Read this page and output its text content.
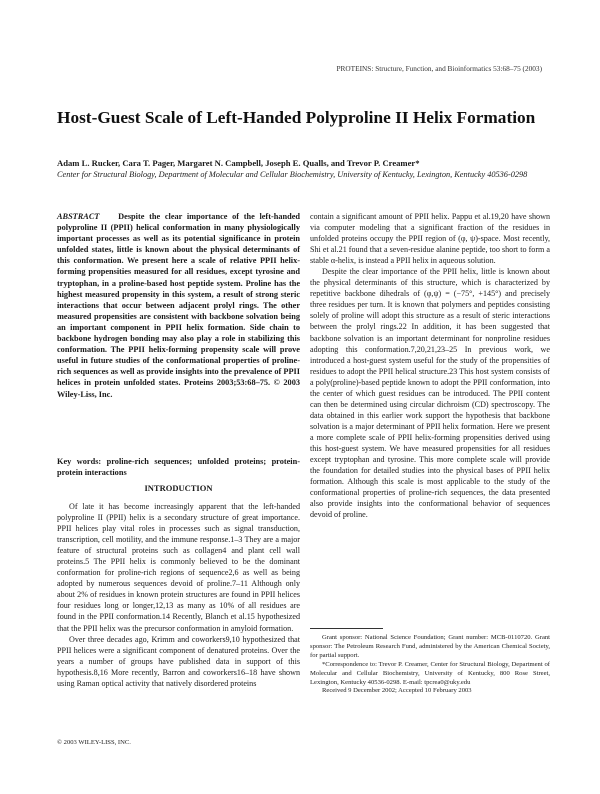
PROTEINS: Structure, Function, and Bioinformatics 53:68–75 (2003)
Host-Guest Scale of Left-Handed Polyproline II Helix Formation
Adam L. Rucker, Cara T. Pager, Margaret N. Campbell, Joseph E. Qualls, and Trevor P. Creamer*
Center for Structural Biology, Department of Molecular and Cellular Biochemistry, University of Kentucky, Lexington, Kentucky 40536-0298
ABSTRACT Despite the clear importance of the left-handed polyproline II (PPII) helical conformation in many physiologically important processes as well as its potential significance in protein unfolded states, little is known about the physical determinants of this conformation. We present here a scale of relative PPII helix-forming propensities measured for all residues, except tyrosine and tryptophan, in a proline-based host peptide system. Proline has the highest measured propensity in this system, a result of strong steric interactions that occur between adjacent prolyl rings. The other measured propensities are consistent with backbone solvation being an important component in PPII helix formation. Side chain to backbone hydrogen bonding may also play a role in stabilizing this conformation. The PPII helix-forming propensity scale will prove useful in future studies of the conformational properties of proline-rich sequences as well as provide insights into the prevalence of PPII helices in protein unfolded states. Proteins 2003;53:68–75. © 2003 Wiley-Liss, Inc.
Key words: proline-rich sequences; unfolded proteins; protein-protein interactions
INTRODUCTION

Of late it has become increasingly apparent that the left-handed polyproline II (PPII) helix is a secondary structure of great importance. PPII helices play vital roles in processes such as signal transduction, transcription, cell motility, and the immune response.1–3 They are a major feature of structural proteins such as collagen4 and plant cell wall proteins.5 The PPII helix is commonly believed to be the dominant conformation for proline-rich regions of sequence2,6 as well as being adopted by numerous sequences devoid of proline.7–11 Although only about 2% of residues in known protein structures are found in PPII helices four residues long or longer,12,13 as many as 10% of all residues are found in the PPII conformation.14 Recently, Blanch et al.15 hypothesized that the PPII helix was the precursor conformation in amyloid formation.

Over three decades ago, Krimm and coworkers9,10 hypothesized that PPII helices were a significant component of denatured proteins. Over the years a number of groups have published data in support of this hypothesis.8,16 More recently, Barron and coworkers16–18 have shown using Raman optical activity that natively disordered proteins

contain a significant amount of PPII helix. Pappu et al.19,20 have shown via computer modeling that a significant fraction of the residues in unfolded proteins occupy the PPII region of (φ, ψ)-space. Most recently, Shi et al.21 found that a seven-residue alanine peptide, too short to form a stable α-helix, is instead a PPII helix in aqueous solution.

Despite the clear importance of the PPII helix, little is known about the physical determinants of this structure, which is characterized by repetitive backbone dihedrals of (φ,ψ) = (−75°, +145°) and precisely three residues per turn. It is known that polymers and peptides consisting solely of proline will adopt this structure as a result of steric interactions between the prolyl rings.22 In addition, it has been suggested that backbone solvation is an important determinant for nonproline residues adopting this conformation.7,20,21,23–25 In previous work, we introduced a host-guest system useful for the study of the propensities of residues to adopt the PPII helical structure.23 This host system consists of a poly(proline)-based peptide known to adopt the PPII conformation, into the center of which guest residues can be introduced. The PPII content can then be determined using circular dichroism (CD) spectroscopy. The data obtained in this earlier work support the hypothesis that backbone solvation is a major determinant of PPII helix formation. Here we present a more complete scale of PPII helix-forming propensities derived using this host-guest system. We have measured propensities for all residues except tryptophan and tyrosine. This more complete scale will provide the foundation for detailed studies into the physical bases of PPII helix formation. Although this scale is most applicable to the study of the conformational properties of proline-rich sequences, the data presented also provide insights into the conformational behavior of sequences devoid of proline.

Grant sponsor: National Science Foundation; Grant number: MCB-0110720. Grant sponsor: The Petroleum Research Fund, administered by the American Chemical Society, for partial support.

*Correspondence to: Trevor P. Creamer, Center for Structural Biology, Department of Molecular and Cellular Biochemistry, University of Kentucky, 800 Rose Street, Lexington, Kentucky 40536-0298. E-mail: tpcrea0@uky.edu

Received 9 December 2002; Accepted 10 February 2003

© 2003 WILEY-LISS, INC.
